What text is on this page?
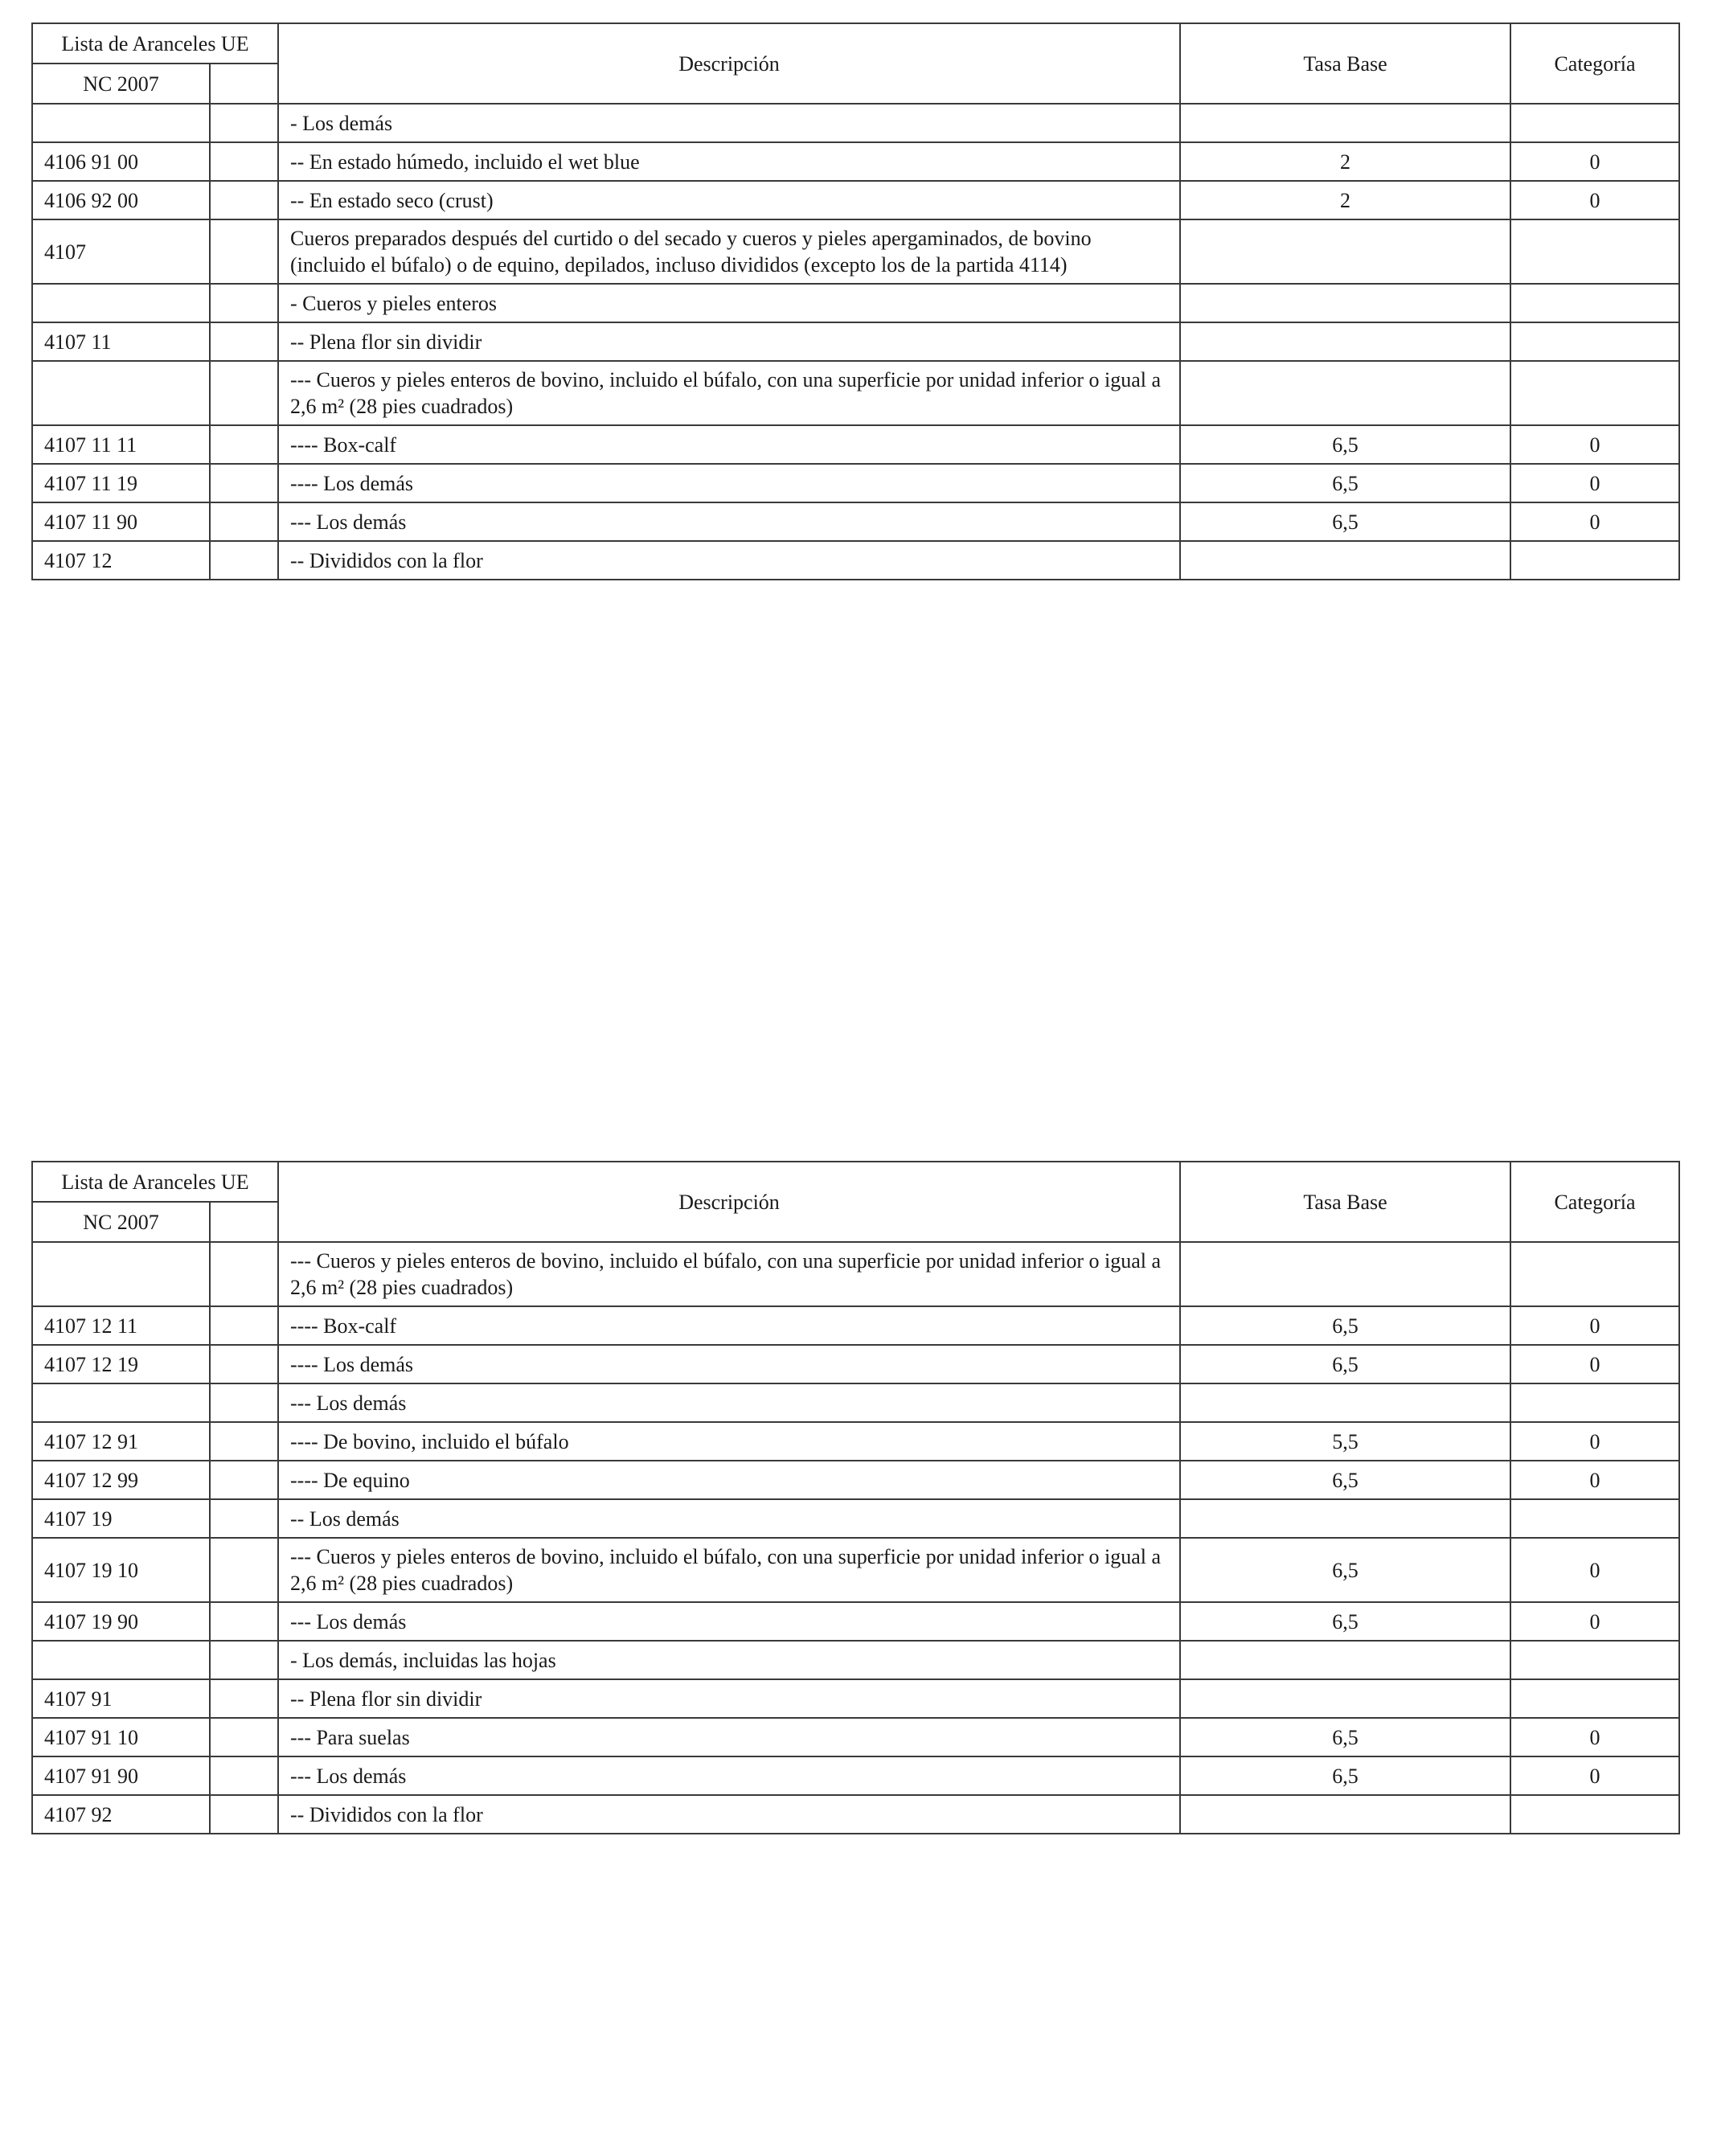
Lista de Aranceles UE		Descripción	Tasa Base	Categoría
NC 2007				
		- Los demás		
4106 91 00		-- En estado húmedo, incluido el wet blue	2	0
4106 92 00		-- En estado seco (crust)	2	0
4107		Cueros preparados después del curtido o del secado y cueros y pieles apergaminados, de bovino (incluido el búfalo) o de equino, depilados, incluso divididos (excepto los de la partida 4114)		
		- Cueros y pieles enteros		
4107 11		-- Plena flor sin dividir		
		--- Cueros y pieles enteros de bovino, incluido el búfalo, con una superficie por unidad inferior o igual a 2,6 m² (28 pies cuadrados)		
4107 11 11		---- Box-calf	6,5	0
4107 11 19		---- Los demás	6,5	0
4107 11 90		--- Los demás	6,5	0
4107 12		-- Divididos con la flor		
Lista de Aranceles UE		Descripción	Tasa Base	Categoría
NC 2007				
		--- Cueros y pieles enteros de bovino, incluido el búfalo, con una superficie por unidad inferior o igual a 2,6 m² (28 pies cuadrados)		
4107 12 11		---- Box-calf	6,5	0
4107 12 19		---- Los demás	6,5	0
		--- Los demás		
4107 12 91		---- De bovino, incluido el búfalo	5,5	0
4107 12 99		---- De equino	6,5	0
4107 19		-- Los demás		
4107 19 10		--- Cueros y pieles enteros de bovino, incluido el búfalo, con una superficie por unidad inferior o igual a 2,6 m² (28 pies cuadrados)	6,5	0
4107 19 90		--- Los demás	6,5	0
		- Los demás, incluidas las hojas		
4107 91		-- Plena flor sin dividir		
4107 91 10		--- Para suelas	6,5	0
4107 91 90		--- Los demás	6,5	0
4107 92		-- Divididos con la flor		
